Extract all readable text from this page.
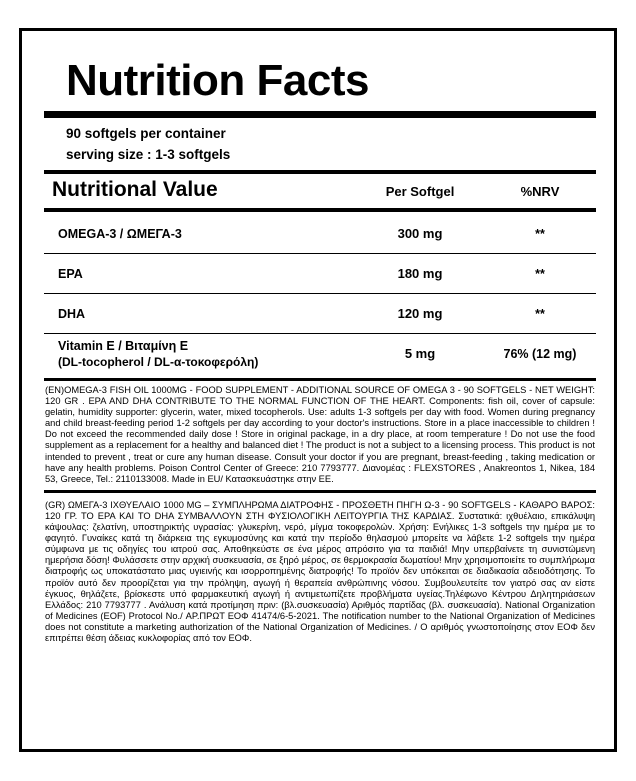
Nutrition Facts
90 softgels per container
serving size : 1-3 softgels
Nutritional Value	Per Softgel	%NRV
OMEGA-3 / ΩΜΕΓΑ-3	300 mg	**
EPA	180 mg	**
DHA	120 mg	**
Vitamin E / Βιταμίνη E
(DL-tocopherol / DL-α-τοκοφερόλη)
5 mg	76% (12 mg)
(EN)OMEGA-3 FISH OIL 1000MG - FOOD SUPPLEMENT - ADDITIONAL SOURCE OF OMEGA 3 - 90 SOFTGELS - NET WEIGHT: 120 GR . EPA AND DHA CONTRIBUTE TO THE NORMAL FUNCTION OF THE HEART. Components: fish oil, cover of capsule: gelatin, humidity supporter: glycerin, water, mixed tocopherols. Use: adults 1-3 softgels per day with food. Women during pregnancy and child breast-feeding period 1-2 softgels per day according to your doctor's instructions. Store in a place inaccessible to children ! Do not exceed the recommended daily dose ! Store in original package, in a dry place, at room temperature ! Do not use the food supplement as a replacement for a healthy and balanced diet ! The product is not a subject to a licensing process. This product is not intended to prevent , treat or cure any human disease. Consult your doctor if you are pregnant, breast-feeding , taking medication or have any health problems. Poison Control Center of Greece: 210 7793777. Διανομέας : FLEXSTORES , Anakreontos 1, Nikea, 184 53, Greece, Tel.: 2110133008. Made in EU/ Κατασκευάστηκε στην ΕΕ.
(GR) ΩΜΕΓΑ-3 ΙΧΘΥΕΛΑΙΟ 1000 MG – ΣΥΜΠΛΗΡΩΜΑ ΔΙΑΤΡΟΦΗΣ - ΠΡΟΣΘΕΤΗ ΠΗΓΗ Ω-3 - 90 SOFTGELS - ΚΑΘΑΡΟ ΒΑΡΟΣ: 120 ΓΡ. ΤΟ ΕΡΑ ΚΑΙ ΤΟ DHA ΣΥΜΒΑΛΛΟΥΝ ΣΤΗ ΦΥΣΙΟΛΟΓΙΚΗ ΛΕΙΤΟΥΡΓΙΑ ΤΗΣ ΚΑΡΔΙΑΣ. Συστατικά: ιχθυέλαιο, επικάλυψη κάψουλας: ζελατίνη, υποστηρικτής υγρασίας: γλυκερίνη, νερό, μίγμα τοκοφερολών. Χρήση: Ενήλικες 1-3 softgels την ημέρα με το φαγητό. Γυναίκες κατά τη διάρκεια της εγκυμοσύνης και κατά την περίοδο θηλασμού μπορείτε να λάβετε 1-2 softgels την ημέρα σύμφωνα με τις οδηγίες του ιατρού σας. Αποθηκεύστε σε ένα μέρος απρόσιτο για τα παιδιά! Μην υπερβαίνετε τη συνιστώμενη ημερήσια δόση! Φυλάσσετε στην αρχική συσκευασία, σε ξηρό μέρος, σε θερμοκρασία δωματίου! Μην χρησιμοποιείτε το συμπλήρωμα διατροφής ως υποκατάστατο μιας υγιεινής και ισορροπημένης διατροφής! Το προϊόν δεν υπόκειται σε διαδικασία αδειοδότησης. Το προϊόν αυτό δεν προορίζεται για την πρόληψη, αγωγή ή θεραπεία ανθρώπινης νόσου. Συμβουλευτείτε τον γιατρό σας αν είστε έγκυος, θηλάζετε, βρίσκεστε υπό φαρμακευτική αγωγή ή αντιμετωπίζετε προβλήματα υγείας.Τηλέφωνο Κέντρου Δηλητηριάσεων Ελλάδος: 210 7793777 . Ανάλυση κατά προτίμηση πριν: (βλ.συσκευασία) Αριθμός παρτίδας (βλ. συσκευασία). National Organization of Medicines (EOF) Protocol No./ ΑΡ.ΠΡΩΤ ΕΟΦ 41474/6-5-2021. The notification number to the National Organization of Medicines does not constitute a marketing authorization of the National Organization of Medicines. / Ο αριθμός γνωστοποίησης στον ΕΟΦ δεν επιτρέπει θέση άδειας κυκλοφορίας από τον ΕΟΦ.
